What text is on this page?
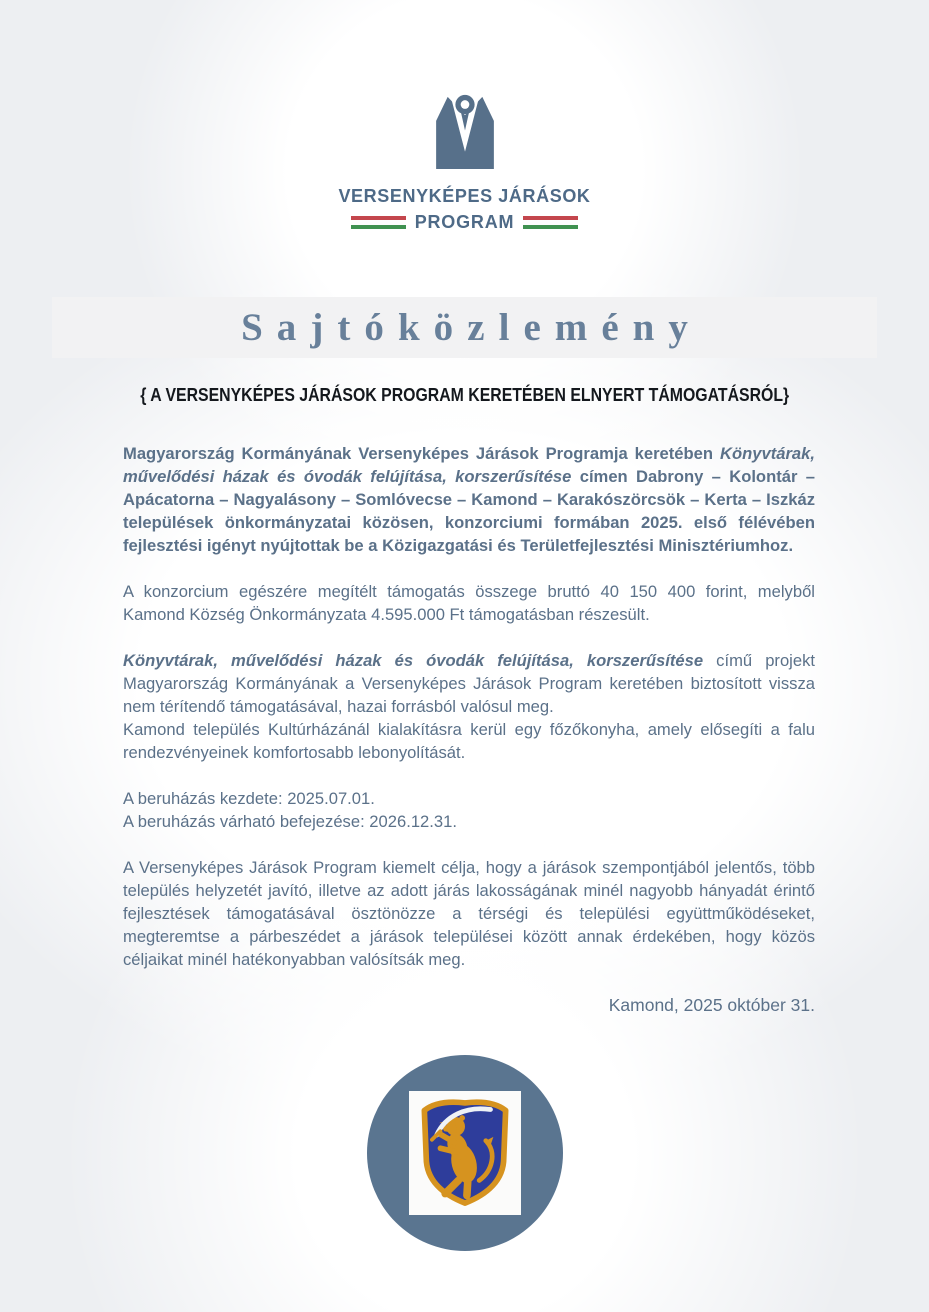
VERSENYKÉPES JÁRÁSOK
PROGRAM
Sajtóközlemény
{ A VERSENYKÉPES JÁRÁSOK PROGRAM KERETÉBEN ELNYERT TÁMOGATÁSRÓL}

Magyarország Kormányának Versenyképes Járások Programja keretében Könyvtárak, művelődési házak és óvodák felújítása, korszerűsítése címen Dabrony – Kolontár – Apácatorna – Nagyalásony – Somlóvecse – Kamond – Karakószörcsök – Kerta – Iszkáz települések önkormányzatai közösen, konzorciumi formában 2025. első félévében fejlesztési igényt nyújtottak be a Közigazgatási és Területfejlesztési Minisztériumhoz.

A konzorcium egészére megítélt támogatás összege bruttó 40 150 400 forint, melyből Kamond Község Önkormányzata 4.595.000 Ft támogatásban részesült.

Könyvtárak, művelődési házak és óvodák felújítása, korszerűsítése című projekt Magyarország Kormányának a Versenyképes Járások Program keretében biztosított vissza nem térítendő támogatásával, hazai forrásból valósul meg.
Kamond település Kultúrházánál kialakításra kerül egy főzőkonyha, amely elősegíti a falu rendezvényeinek komfortosabb lebonyolítását.

A beruházás kezdete: 2025.07.01.
A beruházás várható befejezése: 2026.12.31.

A Versenyképes Járások Program kiemelt célja, hogy a járások szempontjából jelentős, több település helyzetét javító, illetve az adott járás lakosságának minél nagyobb hányadát érintő fejlesztések támogatásával ösztönözze a térségi és települési együttműködéseket, megteremtse a párbeszédet a járások települései között annak érdekében, hogy közös céljaikat minél hatékonyabban valósítsák meg.

Kamond, 2025 október 31.
